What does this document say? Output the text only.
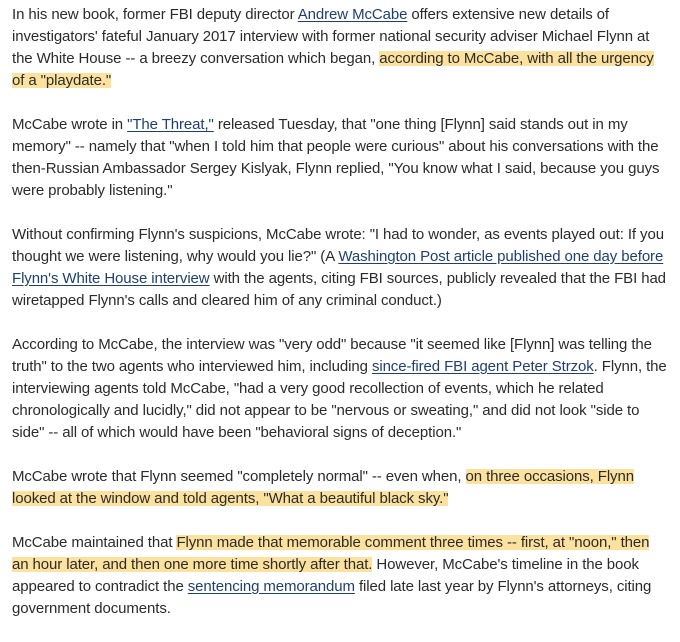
In his new book, former FBI deputy director Andrew McCabe offers extensive new details of investigators' fateful January 2017 interview with former national security adviser Michael Flynn at the White House -- a breezy conversation which began, according to McCabe, with all the urgency of a "playdate."

McCabe wrote in "The Threat," released Tuesday, that "one thing [Flynn] said stands out in my memory" -- namely that "when I told him that people were curious" about his conversations with the then-Russian Ambassador Sergey Kislyak, Flynn replied, "You know what I said, because you guys were probably listening."

Without confirming Flynn's suspicions, McCabe wrote: "I had to wonder, as events played out: If you thought we were listening, why would you lie?" (A Washington Post article published one day before Flynn's White House interview with the agents, citing FBI sources, publicly revealed that the FBI had wiretapped Flynn's calls and cleared him of any criminal conduct.)

According to McCabe, the interview was "very odd" because "it seemed like [Flynn] was telling the truth" to the two agents who interviewed him, including since-fired FBI agent Peter Strzok. Flynn, the interviewing agents told McCabe, "had a very good recollection of events, which he related chronologically and lucidly," did not appear to be "nervous or sweating," and did not look "side to side" -- all of which would have been "behavioral signs of deception."

McCabe wrote that Flynn seemed "completely normal" -- even when, on three occasions, Flynn looked at the window and told agents, "What a beautiful black sky."

McCabe maintained that Flynn made that memorable comment three times -- first, at "noon," then an hour later, and then one more time shortly after that. However, McCabe's timeline in the book appeared to contradict the sentencing memorandum filed late last year by Flynn's attorneys, citing government documents.
